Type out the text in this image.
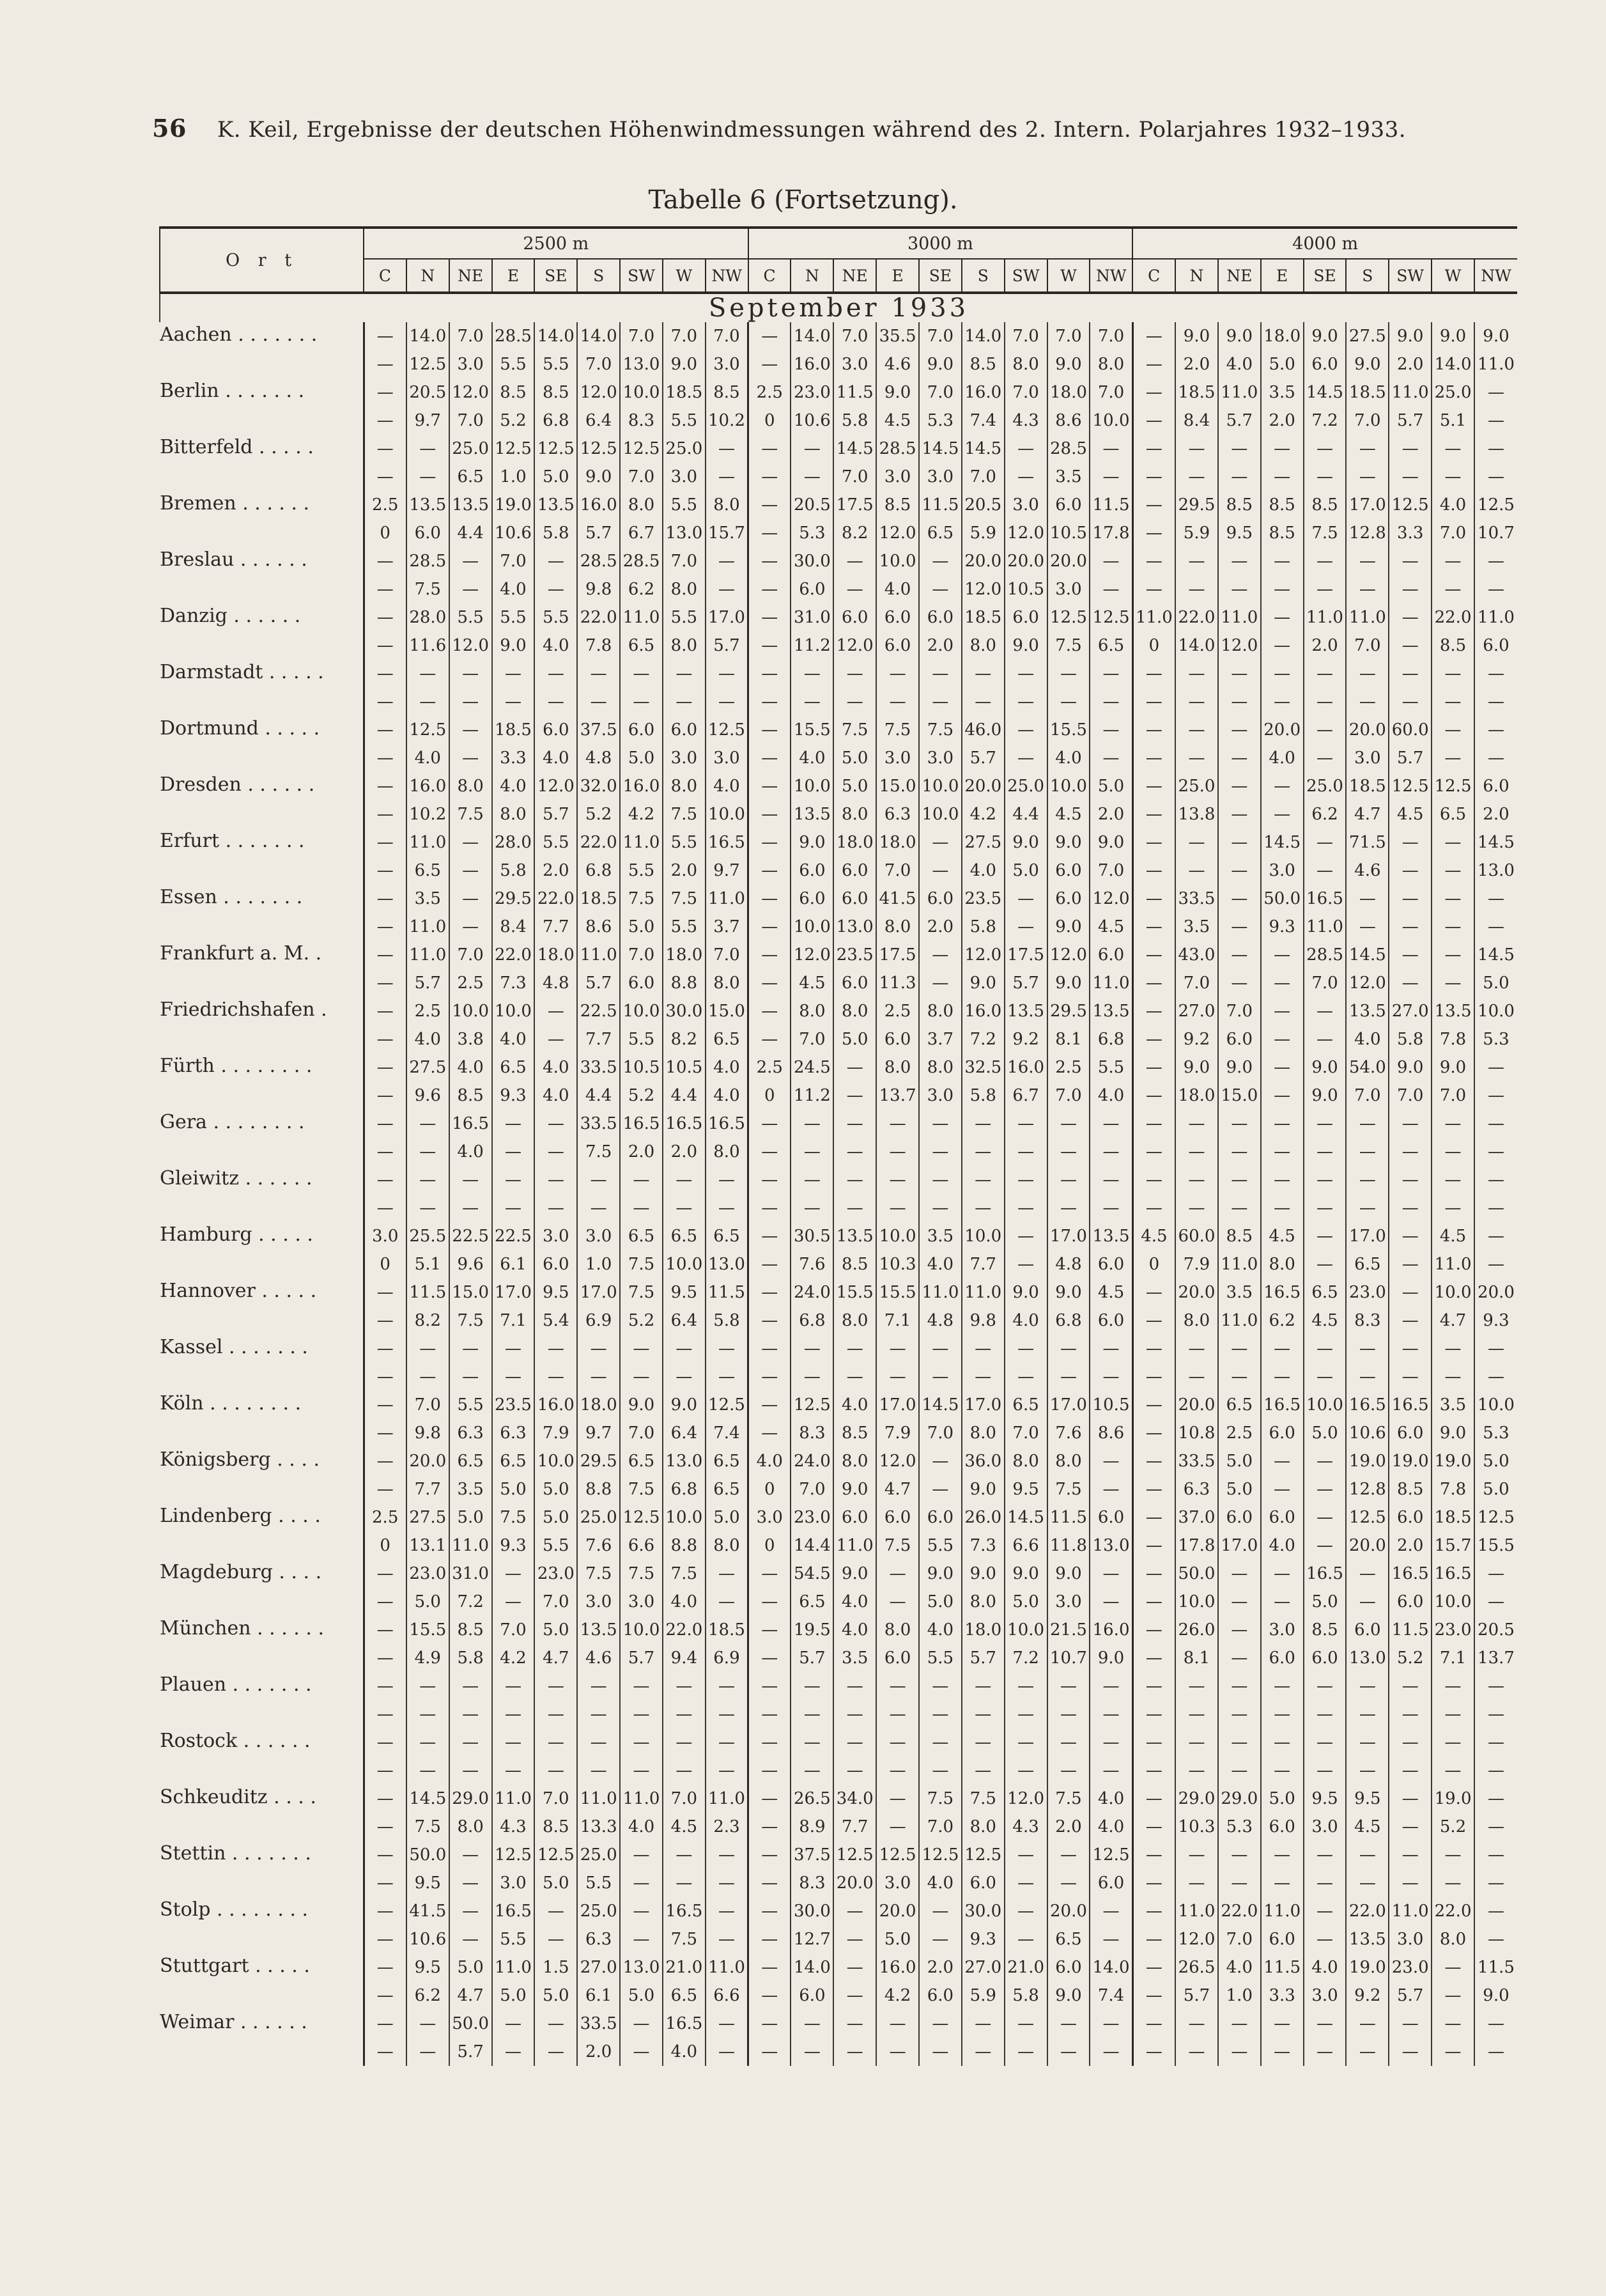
56 K. Keil, Ergebnisse der deutschen Höhenwindmessungen während des 2. Intern. Polarjahres 1932–1933.
Tabelle 6 (Fortsetzung).
O r t	2500 m									3000 m									4000 m								
	C	N	NE	E	SE	S	SW	W	NW	C	N	NE	E	SE	S	SW	W	NW	C	N	NE	E	SE	S	SW	W	NW
September 1933																											
Aachen . . . . . . .	—	14.0	7.0	28.5	14.0	14.0	7.0	7.0	7.0	—	14.0	7.0	35.5	7.0	14.0	7.0	7.0	7.0	—	9.0	9.0	18.0	9.0	27.5	9.0	9.0	9.0
	—	12.5	3.0	5.5	5.5	7.0	13.0	9.0	3.0	—	16.0	3.0	4.6	9.0	8.5	8.0	9.0	8.0	—	2.0	4.0	5.0	6.0	9.0	2.0	14.0	11.0
Berlin . . . . . . .	—	20.5	12.0	8.5	8.5	12.0	10.0	18.5	8.5	2.5	23.0	11.5	9.0	7.0	16.0	7.0	18.0	7.0	—	18.5	11.0	3.5	14.5	18.5	11.0	25.0	—
	—	9.7	7.0	5.2	6.8	6.4	8.3	5.5	10.2	0	10.6	5.8	4.5	5.3	7.4	4.3	8.6	10.0	—	8.4	5.7	2.0	7.2	7.0	5.7	5.1	—
Bitterfeld . . . . .	—	—	25.0	12.5	12.5	12.5	12.5	25.0	—	—	—	14.5	28.5	14.5	14.5	—	28.5	—	—	—	—	—	—	—	—	—	—
	—	—	6.5	1.0	5.0	9.0	7.0	3.0	—	—	—	7.0	3.0	3.0	7.0	—	3.5	—	—	—	—	—	—	—	—	—	—
Bremen . . . . . .	2.5	13.5	13.5	19.0	13.5	16.0	8.0	5.5	8.0	—	20.5	17.5	8.5	11.5	20.5	3.0	6.0	11.5	—	29.5	8.5	8.5	8.5	17.0	12.5	4.0	12.5
	0	6.0	4.4	10.6	5.8	5.7	6.7	13.0	15.7	—	5.3	8.2	12.0	6.5	5.9	12.0	10.5	17.8	—	5.9	9.5	8.5	7.5	12.8	3.3	7.0	10.7
Breslau . . . . . .	—	28.5	—	7.0	—	28.5	28.5	7.0	—	—	30.0	—	10.0	—	20.0	20.0	20.0	—	—	—	—	—	—	—	—	—	—
	—	7.5	—	4.0	—	9.8	6.2	8.0	—	—	6.0	—	4.0	—	12.0	10.5	3.0	—	—	—	—	—	—	—	—	—	—
Danzig . . . . . .	—	28.0	5.5	5.5	5.5	22.0	11.0	5.5	17.0	—	31.0	6.0	6.0	6.0	18.5	6.0	12.5	12.5	11.0	22.0	11.0	—	11.0	11.0	—	22.0	11.0
	—	11.6	12.0	9.0	4.0	7.8	6.5	8.0	5.7	—	11.2	12.0	6.0	2.0	8.0	9.0	7.5	6.5	0	14.0	12.0	—	2.0	7.0	—	8.5	6.0
Darmstadt . . . . .	—	—	—	—	—	—	—	—	—	—	—	—	—	—	—	—	—	—	—	—	—	—	—	—	—	—	—
	—	—	—	—	—	—	—	—	—	—	—	—	—	—	—	—	—	—	—	—	—	—	—	—	—	—	—
Dortmund . . . . .	—	12.5	—	18.5	6.0	37.5	6.0	6.0	12.5	—	15.5	7.5	7.5	7.5	46.0	—	15.5	—	—	—	—	20.0	—	20.0	60.0	—	—
	—	4.0	—	3.3	4.0	4.8	5.0	3.0	3.0	—	4.0	5.0	3.0	3.0	5.7	—	4.0	—	—	—	—	4.0	—	3.0	5.7	—	—
Dresden . . . . . .	—	16.0	8.0	4.0	12.0	32.0	16.0	8.0	4.0	—	10.0	5.0	15.0	10.0	20.0	25.0	10.0	5.0	—	25.0	—	—	25.0	18.5	12.5	12.5	6.0
	—	10.2	7.5	8.0	5.7	5.2	4.2	7.5	10.0	—	13.5	8.0	6.3	10.0	4.2	4.4	4.5	2.0	—	13.8	—	—	6.2	4.7	4.5	6.5	2.0
Erfurt . . . . . . .	—	11.0	—	28.0	5.5	22.0	11.0	5.5	16.5	—	9.0	18.0	18.0	—	27.5	9.0	9.0	9.0	—	—	—	14.5	—	71.5	—	—	14.5
	—	6.5	—	5.8	2.0	6.8	5.5	2.0	9.7	—	6.0	6.0	7.0	—	4.0	5.0	6.0	7.0	—	—	—	3.0	—	4.6	—	—	13.0
Essen . . . . . . .	—	3.5	—	29.5	22.0	18.5	7.5	7.5	11.0	—	6.0	6.0	41.5	6.0	23.5	—	6.0	12.0	—	33.5	—	50.0	16.5	—	—	—	—
	—	11.0	—	8.4	7.7	8.6	5.0	5.5	3.7	—	10.0	13.0	8.0	2.0	5.8	—	9.0	4.5	—	3.5	—	9.3	11.0	—	—	—	—
Frankfurt a. M. .	—	11.0	7.0	22.0	18.0	11.0	7.0	18.0	7.0	—	12.0	23.5	17.5	—	12.0	17.5	12.0	6.0	—	43.0	—	—	28.5	14.5	—	—	14.5
	—	5.7	2.5	7.3	4.8	5.7	6.0	8.8	8.0	—	4.5	6.0	11.3	—	9.0	5.7	9.0	11.0	—	7.0	—	—	7.0	12.0	—	—	5.0
Friedrichshafen .	—	2.5	10.0	10.0	—	22.5	10.0	30.0	15.0	—	8.0	8.0	2.5	8.0	16.0	13.5	29.5	13.5	—	27.0	7.0	—	—	13.5	27.0	13.5	10.0
	—	4.0	3.8	4.0	—	7.7	5.5	8.2	6.5	—	7.0	5.0	6.0	3.7	7.2	9.2	8.1	6.8	—	9.2	6.0	—	—	4.0	5.8	7.8	5.3
Fürth . . . . . . . .	—	27.5	4.0	6.5	4.0	33.5	10.5	10.5	4.0	2.5	24.5	—	8.0	8.0	32.5	16.0	2.5	5.5	—	9.0	9.0	—	9.0	54.0	9.0	9.0	—
	—	9.6	8.5	9.3	4.0	4.4	5.2	4.4	4.0	0	11.2	—	13.7	3.0	5.8	6.7	7.0	4.0	—	18.0	15.0	—	9.0	7.0	7.0	7.0	—
Gera . . . . . . . .	—	—	16.5	—	—	33.5	16.5	16.5	16.5	—	—	—	—	—	—	—	—	—	—	—	—	—	—	—	—	—	—
	—	—	4.0	—	—	7.5	2.0	2.0	8.0	—	—	—	—	—	—	—	—	—	—	—	—	—	—	—	—	—	—
Gleiwitz . . . . . .	—	—	—	—	—	—	—	—	—	—	—	—	—	—	—	—	—	—	—	—	—	—	—	—	—	—	—
	—	—	—	—	—	—	—	—	—	—	—	—	—	—	—	—	—	—	—	—	—	—	—	—	—	—	—
Hamburg . . . . .	3.0	25.5	22.5	22.5	3.0	3.0	6.5	6.5	6.5	—	30.5	13.5	10.0	3.5	10.0	—	17.0	13.5	4.5	60.0	8.5	4.5	—	17.0	—	4.5	—
	0	5.1	9.6	6.1	6.0	1.0	7.5	10.0	13.0	—	7.6	8.5	10.3	4.0	7.7	—	4.8	6.0	0	7.9	11.0	8.0	—	6.5	—	11.0	—
Hannover . . . . .	—	11.5	15.0	17.0	9.5	17.0	7.5	9.5	11.5	—	24.0	15.5	15.5	11.0	11.0	9.0	9.0	4.5	—	20.0	3.5	16.5	6.5	23.0	—	10.0	20.0
	—	8.2	7.5	7.1	5.4	6.9	5.2	6.4	5.8	—	6.8	8.0	7.1	4.8	9.8	4.0	6.8	6.0	—	8.0	11.0	6.2	4.5	8.3	—	4.7	9.3
Kassel . . . . . . .	—	—	—	—	—	—	—	—	—	—	—	—	—	—	—	—	—	—	—	—	—	—	—	—	—	—	—
	—	—	—	—	—	—	—	—	—	—	—	—	—	—	—	—	—	—	—	—	—	—	—	—	—	—	—
Köln . . . . . . . .	—	7.0	5.5	23.5	16.0	18.0	9.0	9.0	12.5	—	12.5	4.0	17.0	14.5	17.0	6.5	17.0	10.5	—	20.0	6.5	16.5	10.0	16.5	16.5	3.5	10.0
	—	9.8	6.3	6.3	7.9	9.7	7.0	6.4	7.4	—	8.3	8.5	7.9	7.0	8.0	7.0	7.6	8.6	—	10.8	2.5	6.0	5.0	10.6	6.0	9.0	5.3
Königsberg . . . .	—	20.0	6.5	6.5	10.0	29.5	6.5	13.0	6.5	4.0	24.0	8.0	12.0	—	36.0	8.0	8.0	—	—	33.5	5.0	—	—	19.0	19.0	19.0	5.0
	—	7.7	3.5	5.0	5.0	8.8	7.5	6.8	6.5	0	7.0	9.0	4.7	—	9.0	9.5	7.5	—	—	6.3	5.0	—	—	12.8	8.5	7.8	5.0
Lindenberg . . . .	2.5	27.5	5.0	7.5	5.0	25.0	12.5	10.0	5.0	3.0	23.0	6.0	6.0	6.0	26.0	14.5	11.5	6.0	—	37.0	6.0	6.0	—	12.5	6.0	18.5	12.5
	0	13.1	11.0	9.3	5.5	7.6	6.6	8.8	8.0	0	14.4	11.0	7.5	5.5	7.3	6.6	11.8	13.0	—	17.8	17.0	4.0	—	20.0	2.0	15.7	15.5
Magdeburg . . . .	—	23.0	31.0	—	23.0	7.5	7.5	7.5	—	—	54.5	9.0	—	9.0	9.0	9.0	9.0	—	—	50.0	—	—	16.5	—	16.5	16.5	—
	—	5.0	7.2	—	7.0	3.0	3.0	4.0	—	—	6.5	4.0	—	5.0	8.0	5.0	3.0	—	—	10.0	—	—	5.0	—	6.0	10.0	—
München . . . . . .	—	15.5	8.5	7.0	5.0	13.5	10.0	22.0	18.5	—	19.5	4.0	8.0	4.0	18.0	10.0	21.5	16.0	—	26.0	—	3.0	8.5	6.0	11.5	23.0	20.5
	—	4.9	5.8	4.2	4.7	4.6	5.7	9.4	6.9	—	5.7	3.5	6.0	5.5	5.7	7.2	10.7	9.0	—	8.1	—	6.0	6.0	13.0	5.2	7.1	13.7
Plauen . . . . . . .	—	—	—	—	—	—	—	—	—	—	—	—	—	—	—	—	—	—	—	—	—	—	—	—	—	—	—
	—	—	—	—	—	—	—	—	—	—	—	—	—	—	—	—	—	—	—	—	—	—	—	—	—	—	—
Rostock . . . . . .	—	—	—	—	—	—	—	—	—	—	—	—	—	—	—	—	—	—	—	—	—	—	—	—	—	—	—
	—	—	—	—	—	—	—	—	—	—	—	—	—	—	—	—	—	—	—	—	—	—	—	—	—	—	—
Schkeuditz . . . .	—	14.5	29.0	11.0	7.0	11.0	11.0	7.0	11.0	—	26.5	34.0	—	7.5	7.5	12.0	7.5	4.0	—	29.0	29.0	5.0	9.5	9.5	—	19.0	—
	—	7.5	8.0	4.3	8.5	13.3	4.0	4.5	2.3	—	8.9	7.7	—	7.0	8.0	4.3	2.0	4.0	—	10.3	5.3	6.0	3.0	4.5	—	5.2	—
Stettin . . . . . . .	—	50.0	—	12.5	12.5	25.0	—	—	—	—	37.5	12.5	12.5	12.5	12.5	—	—	12.5	—	—	—	—	—	—	—	—	—
	—	9.5	—	3.0	5.0	5.5	—	—	—	—	8.3	20.0	3.0	4.0	6.0	—	—	6.0	—	—	—	—	—	—	—	—	—
Stolp . . . . . . . .	—	41.5	—	16.5	—	25.0	—	16.5	—	—	30.0	—	20.0	—	30.0	—	20.0	—	—	11.0	22.0	11.0	—	22.0	11.0	22.0	—
	—	10.6	—	5.5	—	6.3	—	7.5	—	—	12.7	—	5.0	—	9.3	—	6.5	—	—	12.0	7.0	6.0	—	13.5	3.0	8.0	—
Stuttgart . . . . .	—	9.5	5.0	11.0	1.5	27.0	13.0	21.0	11.0	—	14.0	—	16.0	2.0	27.0	21.0	6.0	14.0	—	26.5	4.0	11.5	4.0	19.0	23.0	—	11.5
	—	6.2	4.7	5.0	5.0	6.1	5.0	6.5	6.6	—	6.0	—	4.2	6.0	5.9	5.8	9.0	7.4	—	5.7	1.0	3.3	3.0	9.2	5.7	—	9.0
Weimar . . . . . .	—	—	50.0	—	—	33.5	—	16.5	—	—	—	—	—	—	—	—	—	—	—	—	—	—	—	—	—	—	—
	—	—	5.7	—	—	2.0	—	4.0	—	—	—	—	—	—	—	—	—	—	—	—	—	—	—	—	—	—	—
